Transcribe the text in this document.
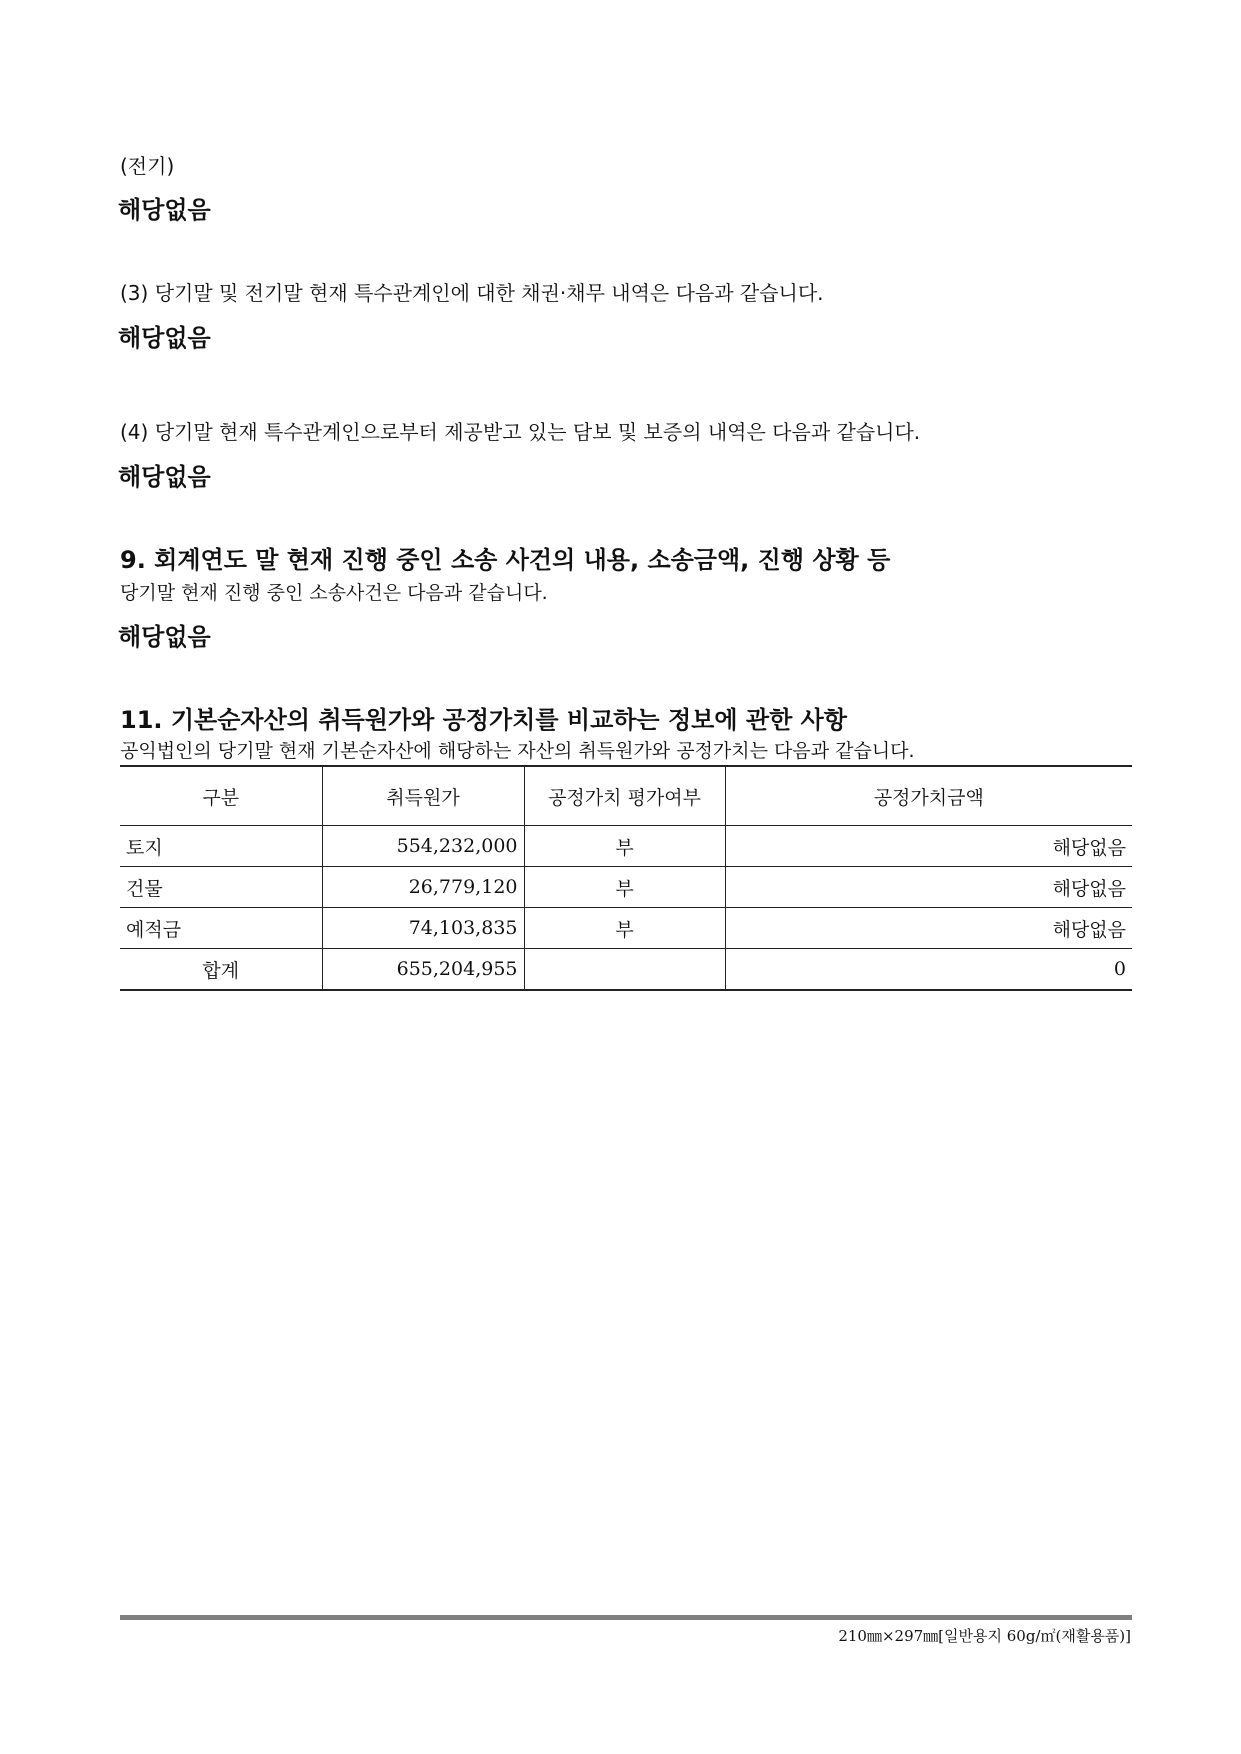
(전기)
해당없음
(3) 당기말 및 전기말 현재 특수관계인에 대한 채권·채무 내역은 다음과 같습니다.
해당없음
(4) 당기말 현재 특수관계인으로부터 제공받고 있는 담보 및 보증의 내역은 다음과 같습니다.
해당없음
9. 회계연도 말 현재 진행 중인 소송 사건의 내용, 소송금액, 진행 상황 등
당기말 현재 진행 중인 소송사건은 다음과 같습니다.
해당없음
11. 기본순자산의 취득원가와 공정가치를 비교하는 정보에 관한 사항
공익법인의 당기말 현재 기본순자산에 해당하는 자산의 취득원가와 공정가치는 다음과 같습니다.
구분	취득원가	공정가치 평가여부	공정가치금액
토지	554,232,000	부	해당없음
건물	26,779,120	부	해당없음
예적금	74,103,835	부	해당없음
합계	655,204,955		0
210㎜×297㎜[일반용지 60g/㎡(재활용품)]
